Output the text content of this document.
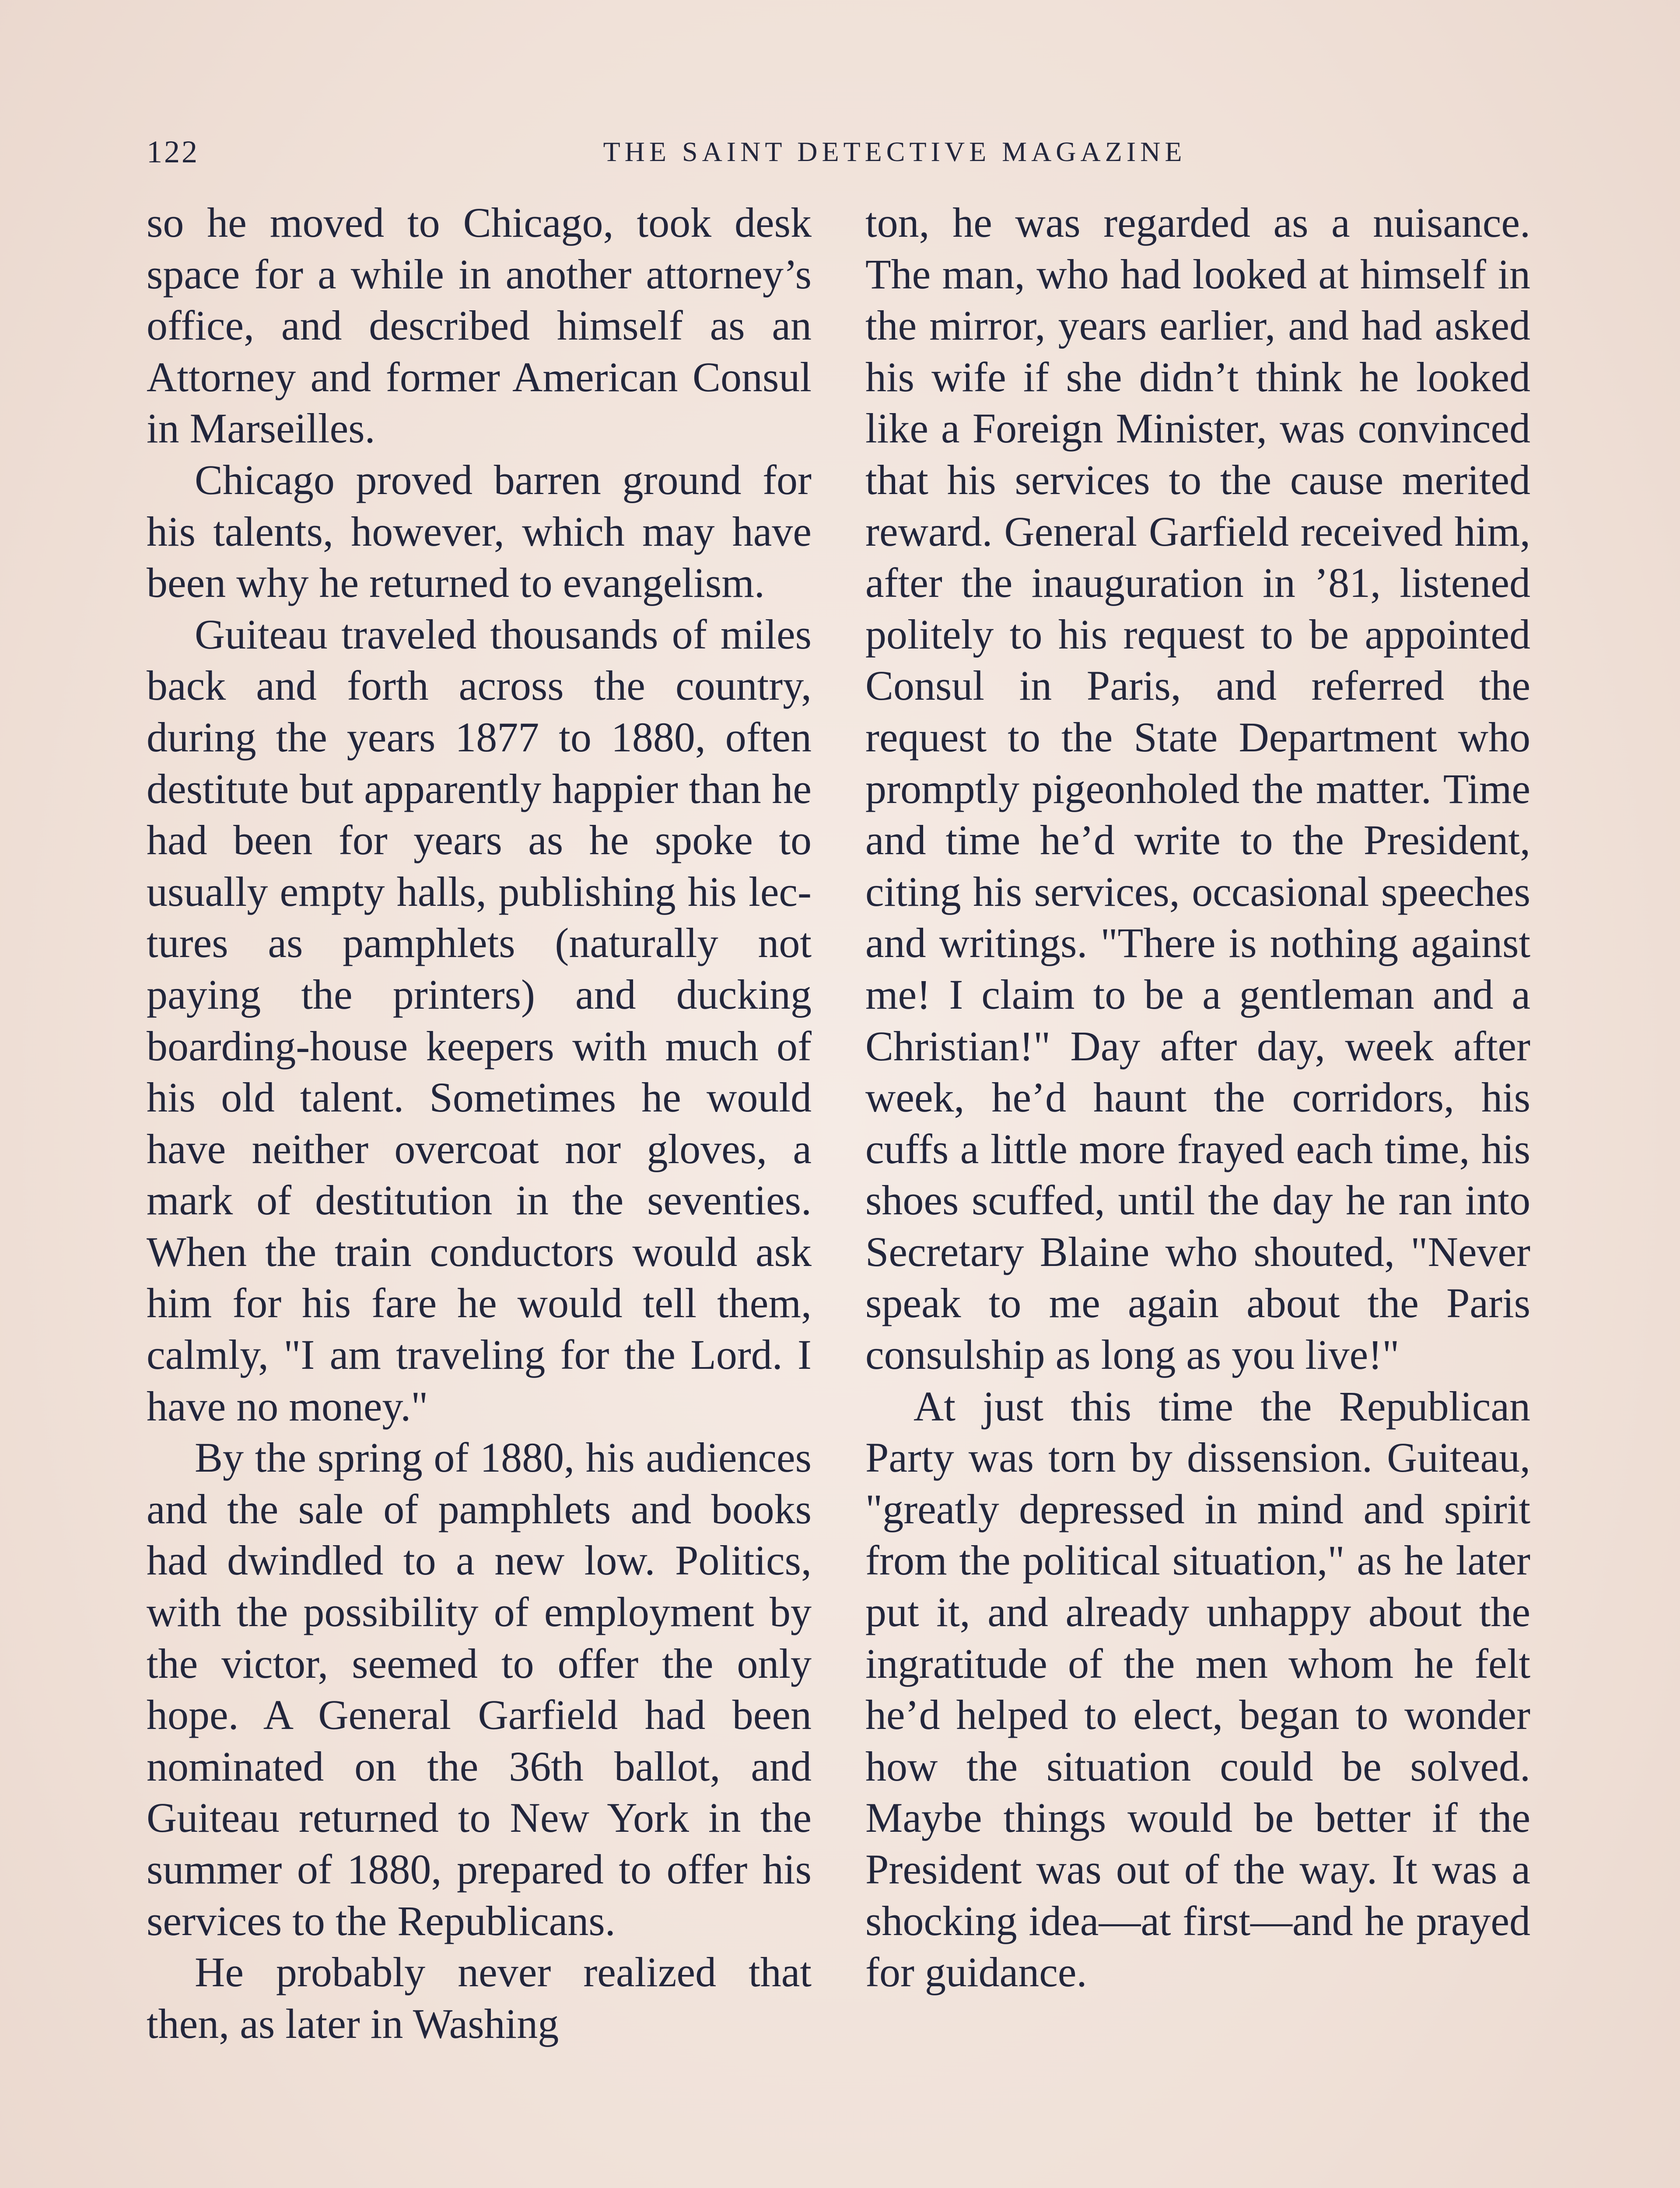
122	THE SAINT DETECTIVE MAGAZINE

so he moved to Chicago, took desk space for a while in another attorney’s office, and described himself as an Attorney and former American Consul in Marseilles.

Chicago proved barren ground for his talents, however, which may have been why he returned to evangelism.

Guiteau traveled thousands of miles back and forth across the country, during the years 1877 to 1880, often destitute but apparently happier than he had been for years as he spoke to usually empty halls, publishing his lectures as pamphlets (naturally not paying the printers) and ducking boarding-house keepers with much of his old talent. Sometimes he would have neither overcoat nor gloves, a mark of destitution in the seventies. When the train conductors would ask him for his fare he would tell them, calmly, "I am traveling for the Lord. I have no money."

By the spring of 1880, his audiences and the sale of pamphlets and books had dwindled to a new low. Politics, with the possibility of employment by the victor, seemed to offer the only hope. A General Garfield had been nominated on the 36th ballot, and Guiteau returned to New York in the summer of 1880, prepared to offer his services to the Republicans.

He probably never realized that then, as later in Washing

ton, he was regarded as a nuisance. The man, who had looked at himself in the mirror, years earlier, and had asked his wife if she didn’t think he looked like a Foreign Minister, was convinced that his services to the cause merited reward. General Garfield received him, after the inauguration in ’81, listened politely to his request to be appointed Consul in Paris, and referred the request to the State Department who promptly pigeonholed the matter. Time and time he’d write to the President, citing his services, occasional speeches and writings. "There is nothing against me! I claim to be a gentleman and a Christian!" Day after day, week after week, he’d haunt the corridors, his cuffs a little more frayed each time, his shoes scuffed, until the day he ran into Secretary Blaine who shouted, "Never speak to me again about the Paris consulship as long as you live!"

At just this time the Republican Party was torn by dissension. Guiteau, "greatly depressed in mind and spirit from the political situation," as he later put it, and already unhappy about the ingratitude of the men whom he felt he’d helped to elect, began to wonder how the situation could be solved. Maybe things would be better if the President was out of the way. It was a shocking idea—at first—and he prayed for guidance.
